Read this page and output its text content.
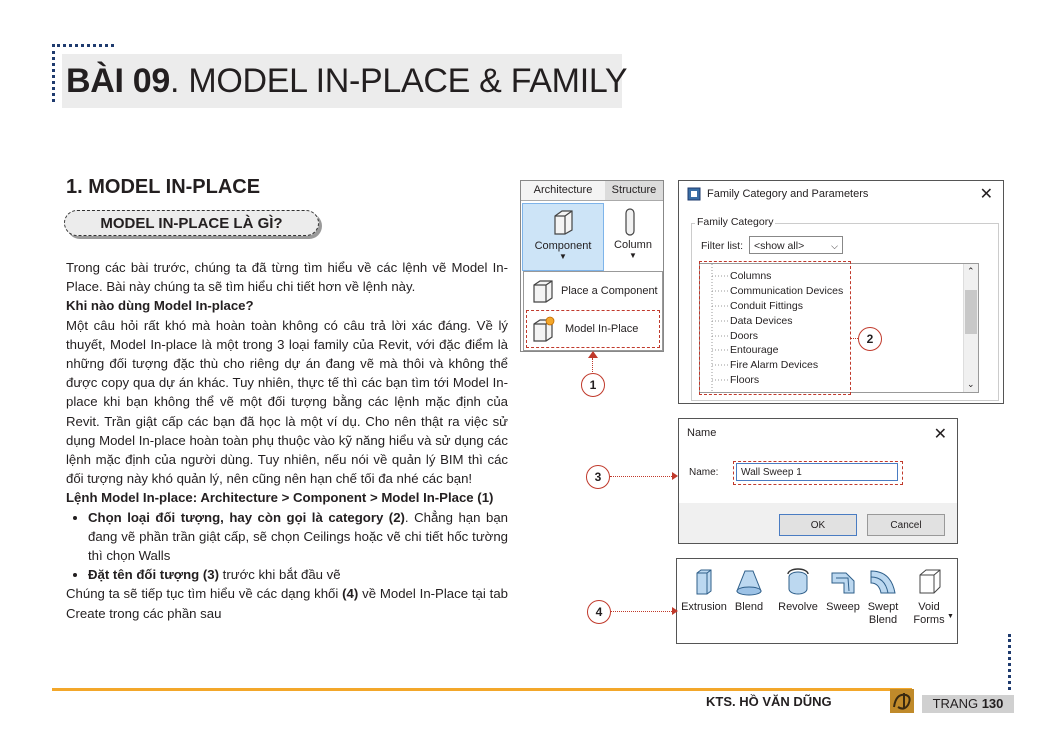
BÀI 09. MODEL IN-PLACE & FAMILY
1. MODEL IN-PLACE
MODEL IN-PLACE LÀ GÌ?

Trong các bài trước, chúng ta đã từng tìm hiểu về các lệnh vẽ Model In-Place. Bài này chúng ta sẽ tìm hiểu chi tiết hơn về lệnh này.

Khi nào dùng Model In-place?

Một câu hỏi rất khó mà hoàn toàn không có câu trả lời xác đáng. Về lý thuyết, Model In-place là một trong 3 loại family của Revit, với đặc điểm là những đối tượng đặc thù cho riêng dự án đang vẽ mà thôi và không thể được copy qua dự án khác. Tuy nhiên, thực tế thì các bạn tìm tới Model In-place khi bạn không thể vẽ một đối tượng bằng các lệnh mặc định của Revit. Trần giật cấp các bạn đã học là một ví dụ. Cho nên thật ra việc sử dụng Model In-place hoàn toàn phụ thuộc vào kỹ năng hiểu và sử dụng các lệnh mặc định của người dùng. Tuy nhiên, nếu nói về quản lý BIM thì các đối tượng này khó quản lý, nên cũng nên hạn chế tối đa nhé các bạn!

Lệnh Model In-place: Architecture > Component > Model In-Place (1)

• Chọn loại đối tượng, hay còn gọi là category (2). Chẳng hạn bạn đang vẽ phần trần giật cấp, sẽ chọn Ceilings hoặc vẽ chi tiết hốc tường thì chọn Walls
• Đặt tên đối tượng (3) trước khi bắt đầu vẽ

Chúng ta sẽ tiếp tục tìm hiểu về các dạng khối (4) về Model In-Place tại tab Create trong các phần sau

Architecture	Structure
Component
▼
Column
▼
Place a Component
Model In-Place
1
Family Category and Parameters	✕
Family Category
Filter list:	<show all>	⌵
Columns
Communication Devices
Conduit Fittings
Data Devices
Doors
Entourage
Fire Alarm Devices
Floors
⌃
⌄
2
Name	✕
Name:	Wall Sweep 1
OK	Cancel
3
Extrusion Blend	Revolve Sweep Swept Blend
Void Forms ▼
4
KTS. HỒ VĂN DŨNG	TRANG 130
